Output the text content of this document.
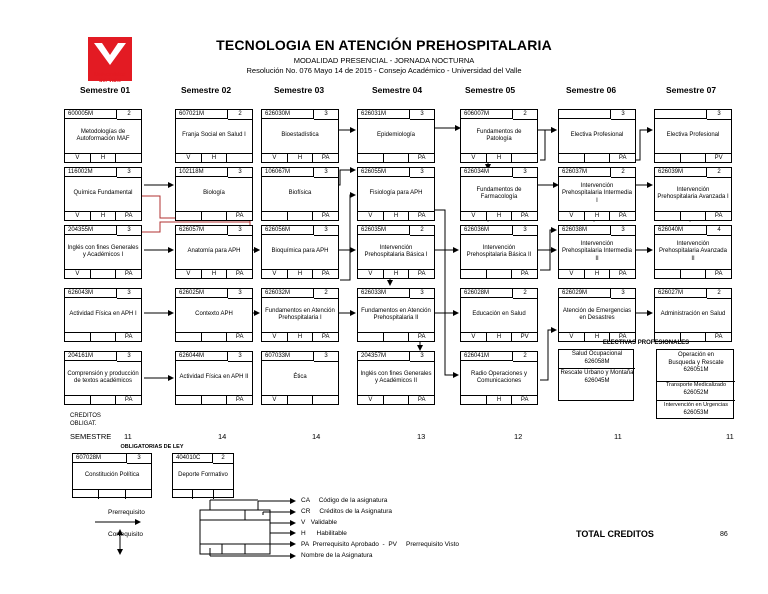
Universidad
del Valle
TECNOLOGIA EN ATENCIÓN PREHOSPITALARIA
MODALIDAD PRESENCIAL - JORNADA NOCTURNA
Resolución No. 076 Mayo 14 de 2015 - Consejo Académico - Universidad del Valle
Semestre 01	Semestre 02	Semestre 03	Semestre 04	Semestre 05	Semestre 06	Semestre 07
600005M	2
Metodologías de Autoformación MAF
V	H
116002M	3
Química Fundamental
V	H	PA
204355M	3
Inglés con fines Generales y Académicos I
V	PA
626043M	3
Actividad Física en APH I
PA
204161M	3
Comprensión y producción de textos académicos
PA
607021M	2
Franja Social en Salud I
V	H
102118M	3
Biología
PA
626057M	3
Anatomía para APH
V	H	PA
626025M	3
Contexto APH
PA
626044M	3
Actividad Física en APH II
PA
626030M	3
Bioestadística
V	H	PA
106067M	3
Biofísica
PA
626056M	3
Bioquímica para APH
V	H	PA
626032M	2
Fundamentos en Atención Prehospitalaria I
V	H	PA
607033M	3
Ética
V
626031M	3
Epidemiología
PA
626055M	3
Fisiología para APH
V	H	PA
626035M	2
Intervención Prehospitalaria Básica I
V	H	PA
626033M	3
Fundamentos en Atención Prehospitalaria II
PA
204357M	3
Inglés con fines Generales y Académicos II
V	PA
606007M	2
Fundamentos de Patología
V	H
626034M	3
Fundamentos de Farmacología
V	H	PA
626036M	3
Intervención Prehospitalaria Básica II
PA
626028M	2
Educación en Salud
V	H	PV
626041M	2
Radio Operaciones y Comunicaciones
H	PA
3
Electiva Profesional
PA
626037M	2
Intervención Prehospitalaria Intermedia I
V	H	PA
626038M	3
Intervención Prehospitalaria Intermedia II
V	H	PA
626029M	3
Atención de Emergencias en Desastres
V	H	PA
3
Electiva Profesional
PV
626039M	2
Intervención Prehospitalaria Avanzada I
PA
626040M	4
Intervención Prehospitalaria Avanzada II
PA
626027M	2
Administración en Salud
PA
ELECTIVAS PROFESIONALES
Salud Ocupacional
626058M
Rescate Urbano y Montaña
626045M
Operación en Busqueda y Rescate
626051M
Transporte Medicalizado
626052M
Intervención en Urgencias
626053M
CREDITOS
OBLIGAT.
SEMESTRE 11	14	14	13	12	11	11
OBLIGATORIAS DE LEY
607028M	3
Constitución Política
404010C	2
Deporte Formativo
Prerrequisito
Correquisito
CA     Código de la asignatura
CR     Créditos de la Asignatura
V   Validable
H      Habilitable
PA  Prerrequisito Aprobado  -  PV     Prerrequisito Visto
Nombre de la Asignatura
TOTAL CREDITOS	86
